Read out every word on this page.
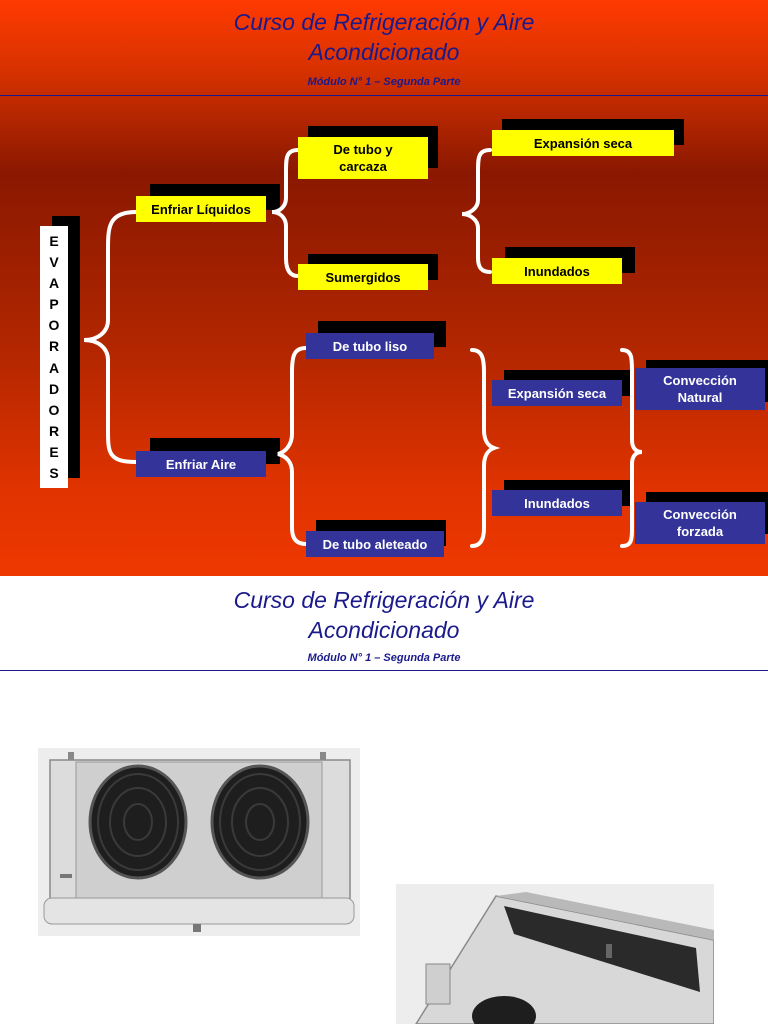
Curso de Refrigeración y Aire
Acondicionado
Módulo N° 1 – Segunda Parte
E
V
A
P
O
R
A
D
O
R
E
S
Enfriar Líquidos
De tubo y
carcaza
Sumergidos
Expansión seca
Inundados
Enfriar Aire
De tubo liso
De tubo aleteado
Expansión seca
Inundados
Convección
Natural
Convección
forzada
Curso de Refrigeración y Aire
Acondicionado
Módulo N° 1 – Segunda Parte
